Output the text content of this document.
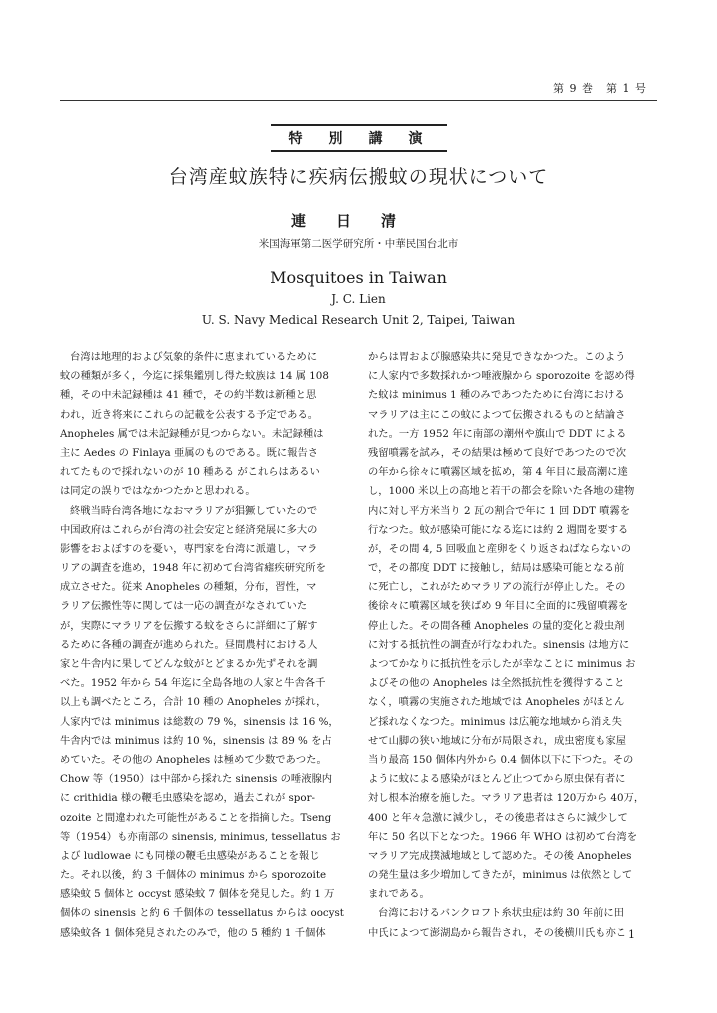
第 9 巻　第 1 号
特　別　講　演
台湾産蚊族特に疾病伝搬蚊の現状について
連日清
米国海軍第二医学研究所・中華民国台北市
Mosquitoes in Taiwan
J. C. Lien
U. S. Navy Medical Research Unit 2, Taipei, Taiwan
台湾は地理的および気象的条件に恵まれているために
蚊の種類が多く，今迄に採集鑑別し得た蚊族は 14 属 108
種，その中未記録種は 41 種で，その約半数は新種と思
われ，近き将来にこれらの記載を公表する予定である。
Anopheles 属では未記録種が見つからない。未記録種は
主に Aedes の Finlaya 亜属のものである。既に報告さ
れてたもので採れないのが 10 種ある がこれらはあるい
は同定の誤りではなかつたかと思われる。
終戦当時台湾各地になおマラリアが猖獗していたので
中国政府はこれらが台湾の社会安定と経済発展に多大の
影響をおよぼすのを憂い，専門家を台湾に派遣し，マラ
リアの調査を進め，1948 年に初めて台湾省瘧疾研究所を
成立させた。従来 Anopheles の種類，分布，習性，マ
ラリア伝搬性等に関しては一応の調査がなされていた
が，実際にマラリアを伝搬する蚊をさらに詳細に了解す
るために各種の調査が進められた。昼間農村における人
家と牛舎内に果してどんな蚊がとどまるか先ずそれを調
べた。1952 年から 54 年迄に全島各地の人家と牛舎各千
以上も調べたところ，合計 10 種の Anopheles が採れ，
人家内では minimus は総数の 79 %，sinensis は 16 %，
牛舎内では minimus は約 10 %，sinensis は 89 % を占
めていた。その他の Anopheles は極めて少数であつた。
Chow 等（1950）は中部から採れた sinensis の唾液腺内
に crithidia 様の鞭毛虫感染を認め，過去これが spor-
ozoite と間違われた可能性があることを指摘した。Tseng
等（1954）も亦南部の sinensis, minimus, tessellatus お
よび ludlowae にも同様の鞭毛虫感染があることを報じ
た。それ以後，約 3 千個体の minimus から sporozoite
感染蚊 5 個体と occyst 感染蚊 7 個体を発見した。約 1 万
個体の sinensis と約 6 千個体の tessellatus からは oocyst
感染蚊各 1 個体発見されたのみで，他の 5 種約 1 千個体
からは胃および腺感染共に発見できなかつた。このよう
に人家内で多数採れかつ唾液腺から sporozoite を認め得
た蚊は minimus 1 種のみであつたために台湾における
マラリアは主にこの蚊によつて伝搬されるものと結論さ
れた。一方 1952 年に南部の潮州や旗山で DDT による
残留噴霧を試み，その結果は極めて良好であつたので次
の年から徐々に噴霧区域を拡め，第 4 年目に最高潮に達
し，1000 米以上の高地と若干の都会を除いた各地の建物
内に対し平方米当り 2 瓦の割合で年に 1 回 DDT 噴霧を
行なつた。蚊が感染可能になる迄には約 2 週間を要する
が，その間 4, 5 回吸血と産卵をくり返さねばならないの
で，その都度 DDT に接触し，結局は感染可能となる前
に死亡し，これがためマラリアの流行が停止した。その
後徐々に噴霧区域を狭ばめ 9 年目に全面的に残留噴霧を
停止した。その間各種 Anopheles の量的変化と殺虫剤
に対する抵抗性の調査が行なわれた。sinensis は地方に
よつてかなりに抵抗性を示したが幸なことに minimus お
よびその他の Anopheles は全然抵抗性を獲得すること
なく，噴霧の実施された地域では Anopheles がほとん
ど採れなくなつた。minimus は広範な地域から消え失
せて山脚の狭い地域に分布が局限され，成虫密度も家屋
当り最高 150 個体内外から 0.4 個体以下に下つた。その
ように蚊による感染がほとんど止つてから原虫保有者に
対し根本治療を施した。マラリア患者は 120万から 40万，
400 と年々急激に減少し，その後患者はさらに減少して
年に 50 名以下となつた。1966 年 WHO は初めて台湾を
マラリア完成撲滅地域として認めた。その後 Anopheles
の発生量は多少増加してきたが，minimus は依然として
まれである。
台湾におけるバンクロフト糸状虫症は約 30 年前に田
中氏によつて澎湖島から報告され，その後横川氏も亦こ 1
